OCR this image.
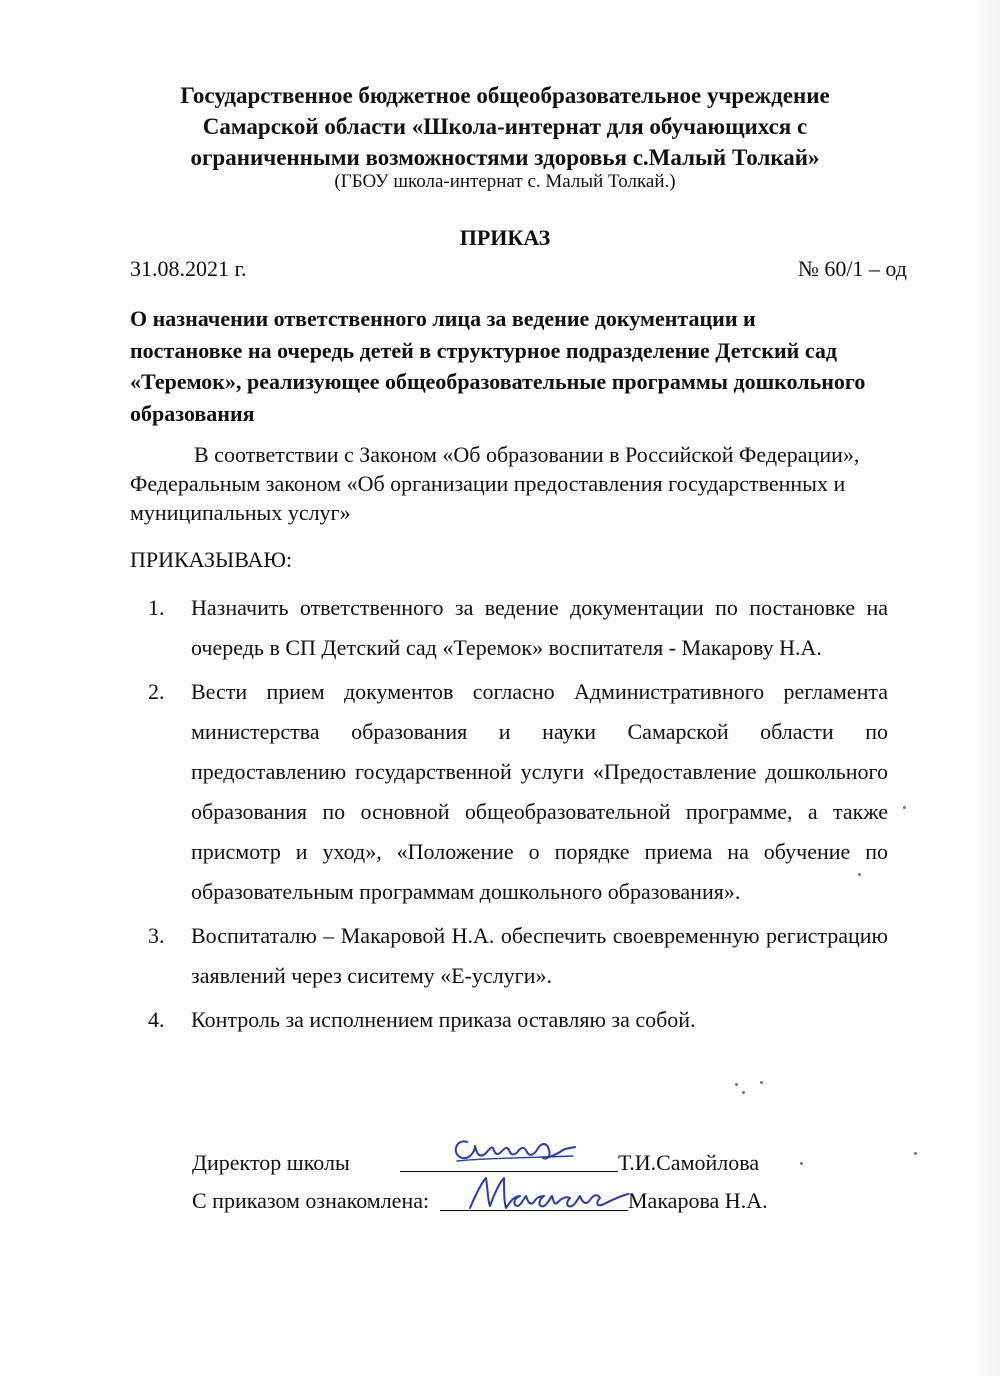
Государственное бюджетное общеобразовательное учреждение
Самарской области «Школа-интернат для обучающихся с
ограниченными возможностями здоровья с.Малый Толкай»
(ГБОУ школа-интернат с. Малый Толкай.)
ПРИКАЗ
31.08.2021 г.	№ 60/1 – од
О назначении ответственного лица за ведение документации и
постановке на очередь детей в структурное подразделение Детский сад
«Теремок», реализующее общеобразовательные программы дошкольного
образования
В соответствии с Законом «Об образовании в Российской Федерации»,
Федеральным законом «Об организации предоставления государственных и
муниципальных услуг»
ПРИКАЗЫВАЮ:
1. Назначить ответственного за ведение документации по постановке на очередь в СП Детский сад «Теремок» воспитателя - Макарову Н.А.
2. Вести прием документов согласно Административного регламента министерства образования и науки Самарской области по предоставлению государственной услуги «Предоставление дошкольного образования по основной общеобразовательной программе, а также присмотр и уход», «Положение о порядке приема на обучение по образовательным программам дошкольного образования».
3. Воспитаталю – Макаровой Н.А. обеспечить своевременную регистрацию заявлений через сиситему «Е-услуги».
4. Контроль за исполнением приказа оставляю за собой.
Директор школы	Т.И.Самойлова
С приказом ознакомлена:	Макарова Н.А.
